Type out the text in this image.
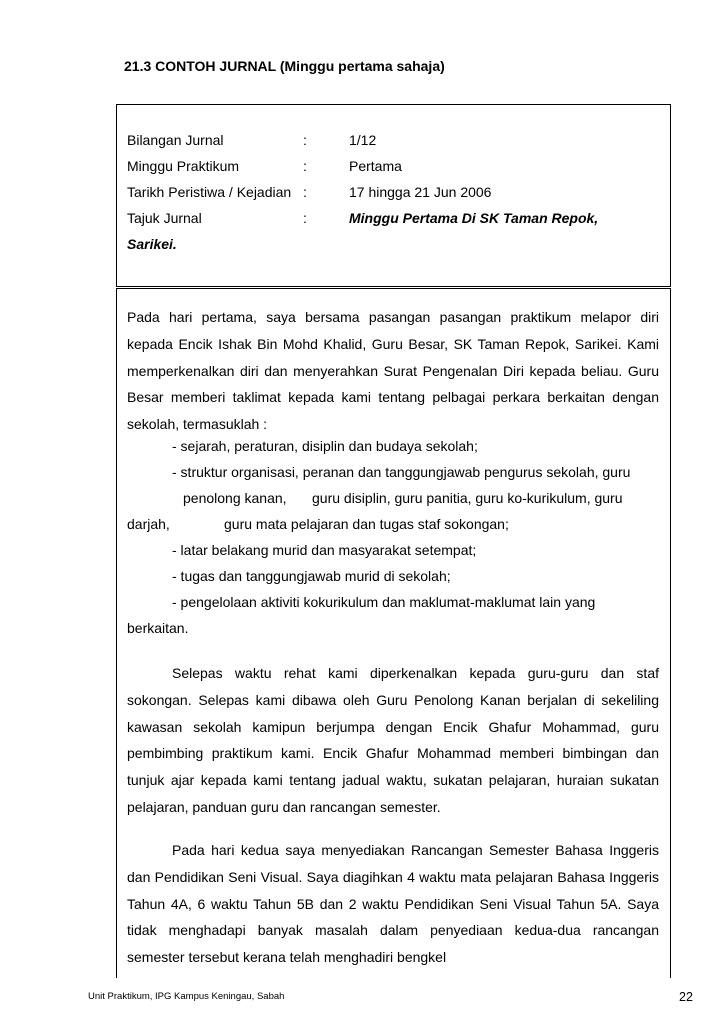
21.3 CONTOH JURNAL (Minggu pertama sahaja)
Bilangan Jurnal	:	1/12
Minggu Praktikum	:	Pertama
Tarikh Peristiwa / Kejadian :	17 hingga 21 Jun 2006
Tajuk Jurnal	:	Minggu Pertama Di SK Taman Repok,
Sarikei.

Pada hari pertama, saya bersama pasangan pasangan praktikum melapor diri kepada Encik Ishak Bin Mohd Khalid, Guru Besar, SK Taman Repok, Sarikei. Kami memperkenalkan diri dan menyerahkan Surat Pengenalan Diri kepada beliau. Guru Besar memberi taklimat kepada kami tentang pelbagai perkara berkaitan dengan sekolah, termasuklah :

- sejarah, peraturan, disiplin dan budaya sekolah;
- struktur organisasi, peranan dan tanggungjawab pengurus sekolah, guru
penolong kanan, guru disiplin, guru panitia, guru ko-kurikulum, guru
darjah,	guru mata pelajaran dan tugas staf sokongan;
- latar belakang murid dan masyarakat setempat;
- tugas dan tanggungjawab murid di sekolah;
- pengelolaan aktiviti kokurikulum dan maklumat-maklumat lain yang
berkaitan.

Selepas waktu rehat kami diperkenalkan kepada guru-guru dan staf sokongan. Selepas kami dibawa oleh Guru Penolong Kanan berjalan di sekeliling kawasan sekolah kamipun berjumpa dengan Encik Ghafur Mohammad, guru pembimbing praktikum kami. Encik Ghafur Mohammad memberi bimbingan dan tunjuk ajar kepada kami tentang jadual waktu, sukatan pelajaran, huraian sukatan pelajaran, panduan guru dan rancangan semester.

Pada hari kedua saya menyediakan Rancangan Semester Bahasa Inggeris dan Pendidikan Seni Visual. Saya diagihkan 4 waktu mata pelajaran Bahasa Inggeris Tahun 4A, 6 waktu Tahun 5B dan 2 waktu Pendidikan Seni Visual Tahun 5A. Saya tidak menghadapi banyak masalah dalam penyediaan kedua-dua rancangan semester tersebut kerana telah menghadiri bengkel

Unit Praktikum, IPG Kampus Keningau, Sabah	22
